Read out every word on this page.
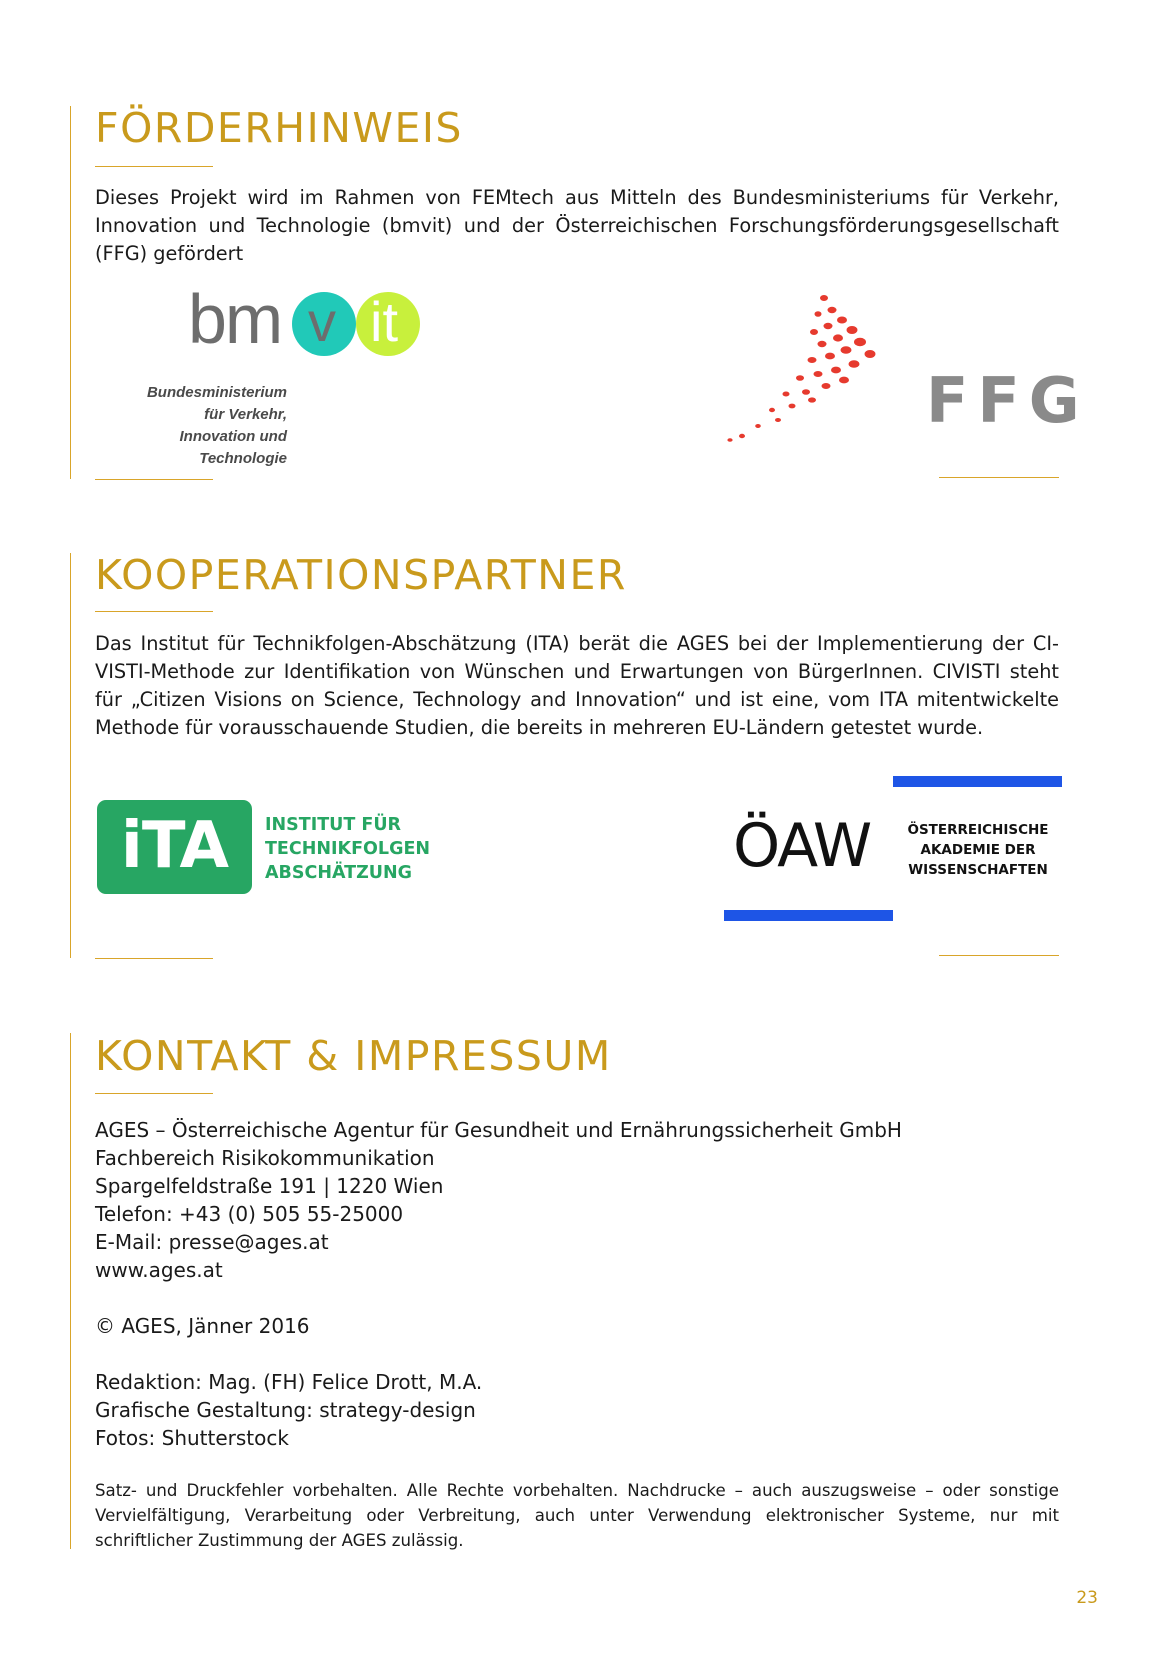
FÖRDERHINWEIS

Dieses Projekt wird im Rahmen von FEMtech aus Mitteln des Bundesministeriums für Verkehr, Innovation und Technologie (bmvit) und der Österreichischen Forschungsförderungsgesellschaft (FFG) gefördert

bm v it
Bundesministerium
für Verkehr,
Innovation und Technologie
FFG
KOOPERATIONSPARTNER

Das Institut für Technikfolgen-Abschätzung (ITA) berät die AGES bei der Implementierung der CI-VISTI-Methode zur Identifikation von Wünschen und Erwartungen von BürgerInnen. CIVISTI steht für „Citizen Visions on Science, Technology and Innovation“ und ist eine, vom ITA mitentwickelte Methode für vorausschauende Studien, die bereits in mehreren EU-Ländern getestet wurde.

iTA	INSTITUT FÜR
TECHNIKFOLGEN
ABSCHÄTZUNG	ÖAW	ÖSTERREICHISCHE
AKADEMIE DER
WISSENSCHAFTEN
KONTAKT & IMPRESSUM
AGES – Österreichische Agentur für Gesundheit und Ernährungssicherheit GmbH
Fachbereich Risikokommunikation
Spargelfeldstraße 191 | 1220 Wien
Telefon: +43 (0) 505 55-25000
E-Mail: presse@ages.at
www.ages.at
© AGES, Jänner 2016
Redaktion: Mag. (FH) Felice Drott, M.A.
Grafische Gestaltung: strategy-design
Fotos: Shutterstock

Satz- und Druckfehler vorbehalten. Alle Rechte vorbehalten. Nachdrucke – auch auszugsweise – oder sonstige Vervielfältigung, Verarbeitung oder Verbreitung, auch unter Verwendung elektronischer Systeme, nur mit schriftlicher Zustimmung der AGES zulässig.

23
